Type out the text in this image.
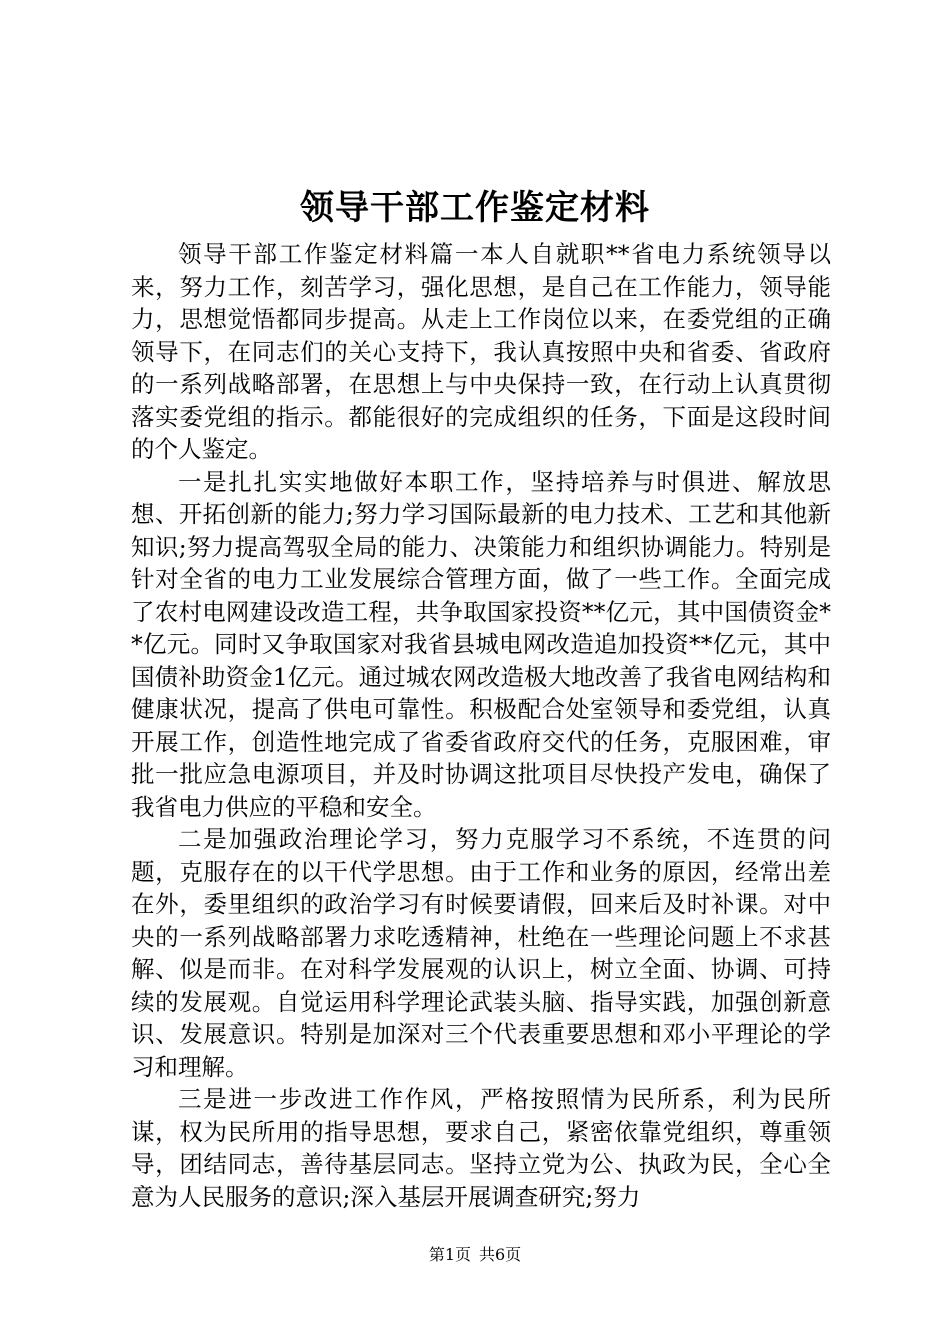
领导干部工作鉴定材料

领导干部工作鉴定材料篇一本人自就职**省电力系统领导以来，努力工作，刻苦学习，强化思想，是自己在工作能力，领导能力，思想觉悟都同步提高。从走上工作岗位以来，在委党组的正确领导下，在同志们的关心支持下，我认真按照中央和省委、省政府的一系列战略部署，在思想上与中央保持一致，在行动上认真贯彻落实委党组的指示。都能很好的完成组织的任务，下面是这段时间的个人鉴定。

一是扎扎实实地做好本职工作，坚持培养与时俱进、解放思想、开拓创新的能力;努力学习国际最新的电力技术、工艺和其他新知识;努力提高驾驭全局的能力、决策能力和组织协调能力。特别是针对全省的电力工业发展综合管理方面，做了一些工作。全面完成了农村电网建设改造工程，共争取国家投资**亿元，其中国债资金**亿元。同时又争取国家对我省县城电网改造追加投资**亿元，其中国债补助资金1亿元。通过城农网改造极大地改善了我省电网结构和健康状况，提高了供电可靠性。积极配合处室领导和委党组，认真开展工作，创造性地完成了省委省政府交代的任务，克服困难，审批一批应急电源项目，并及时协调这批项目尽快投产发电，确保了我省电力供应的平稳和安全。

二是加强政治理论学习，努力克服学习不系统，不连贯的问题，克服存在的以干代学思想。由于工作和业务的原因，经常出差在外，委里组织的政治学习有时候要请假，回来后及时补课。对中央的一系列战略部署力求吃透精神，杜绝在一些理论问题上不求甚解、似是而非。在对科学发展观的认识上，树立全面、协调、可持续的发展观。自觉运用科学理论武装头脑、指导实践，加强创新意识、发展意识。特别是加深对三个代表重要思想和邓小平理论的学习和理解。

三是进一步改进工作作风，严格按照情为民所系，利为民所谋，权为民所用的指导思想，要求自己，紧密依靠党组织，尊重领导，团结同志，善待基层同志。坚持立党为公、执政为民，全心全意为人民服务的意识;深入基层开展调查研究;努力

第1页 共6页
